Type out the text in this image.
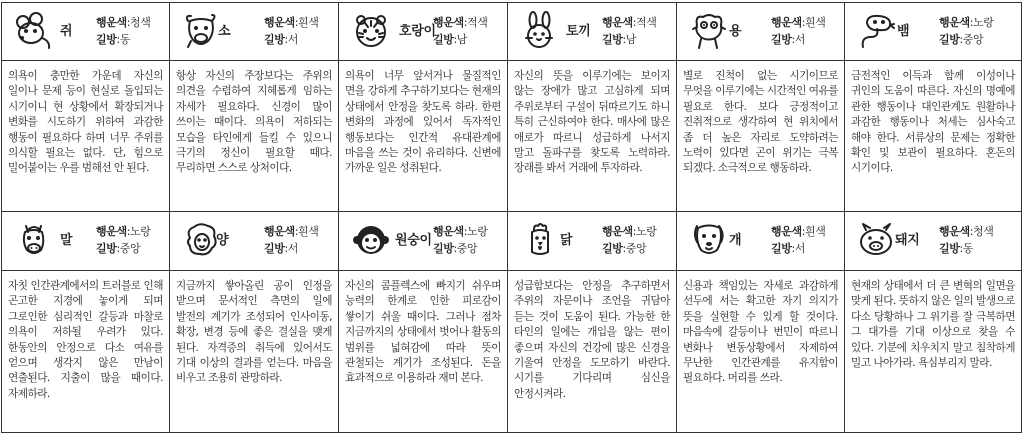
쥐
행운색:청색
길방:동
의욕이 충만한 가운데 자신의 일이나 문제 등이 현실로 돌입되는 시기이니 현 상황에서 확장되거나 변화를 시도하기 위하여 과감한 행동이 필요하다 하며 너무 주위를 의식할 필요는 없다. 단, 힘으로 밀어붙이는 우를 범해선 안 된다.
소
행운색:흰색
길방:서
항상 자신의 주장보다는 주위의 의견을 수렴하여 지혜롭게 임하는 자세가 필요하다. 신경이 많이 쓰이는 때이다. 의욕이 저하되는 모습을 타인에게 들킬 수 있으니 극기의 정신이 필요할 때다. 무리하면 스스로 상처이다.
호랑이
행운색:적색
길방:남
의욕이 너무 앞서거나 물질적인 면을 강하게 추구하기보다는 현재의 상태에서 안정을 찾도록 하라. 한편 변화의 과정에 있어서 독자적인 행동보다는 인간적 유대관계에 마음을 쓰는 것이 유리하다. 신변에 가까운 일은 성취된다.
토끼
행운색:적색
길방:남
자신의 뜻을 이루기에는 보이지 않는 장애가 많고 고심하게 되며 주위로부터 구설이 뒤따르기도 하니 특히 근신하여야 한다. 매사에 많은 애로가 따르니 성급하게 나서지 말고 돌파구를 찾도록 노력하라. 장래를 봐서 거래에 투자하라.
용
행운색:흰색
길방:서
별로 진척이 없는 시기이므로 무엇을 이루기에는 시간적인 여유를 필요로 한다. 보다 긍정적이고 진취적으로 생각하여 현 위치에서 좀 더 높은 자리로 도약하려는 노력이 있다면 곤이 위기는 극복 되겠다. 소극적으로 행동하라.
뱀
행운색:노랑
길방:중앙
금전적인 이득과 함께 이성이나 귀인의 도움이 따른다. 자신의 명예에 관한 행동이나 대인관계도 원활하나 과감한 행동이나 처세는 심사숙고 해야 한다. 서류상의 문제는 정확한 확인 및 보관이 필요하다. 혼돈의 시기이다.
말
행운색:노랑
길방:중앙
자칫 인간관계에서의 트러블로 인해 곤고한 지경에 놓이게 되며 그로인한 심리적인 갈등과 마찰로 의욕이 저하될 우려가 있다. 한동안의 안정으로 다소 여유를 얻으며 생각지 않은 만남이 연출된다. 지출이 많을 때이다. 자제하라.
양
행운색:흰색
길방:서
지금까지 쌓아올린 공이 인정을 받으며 문서적인 측면의 일에 발전의 계기가 조성되어 인사이동, 확장, 변경 등에 좋은 결실을 맺게 된다. 자격증의 취득에 있어서도 기대 이상의 결과를 얻는다. 마음을 비우고 조용히 관망하라.
원숭이
행운색:노랑
길방:중앙
자신의 콤플렉스에 빠지기 쉬우며 능력의 한계로 인한 피로감이 쌓이기 쉬울 때이다. 그러나 점차 지금까지의 상태에서 벗어나 활동의 범위를 넓혀감에 따라 뜻이 관철되는 계기가 조성된다. 돈을 효과적으로 이용하라 재미 본다.
닭
행운색:노랑
길방:중앙
성급함보다는 안정을 추구하면서 주위의 자문이나 조언을 귀담아 듣는 것이 도움이 된다. 가능한 한 타인의 일에는 개입을 않는 편이 좋으며 자신의 건강에 많은 신경을 기울여 안정을 도모하기 바란다. 시기를 기다리며 심신을 안정시켜라.
개
행운색:흰색
길방:서
신용과 책임있는 자세로 과감하게 선두에 서는 확고한 자기 의지가 뜻을 실현할 수 있게 할 것이다. 마음속에 갈등이나 번민이 따르니 변화나 변동상황에서 자제하여 무난한 인간관계를 유지함이 필요하다. 머리를 쓰라.
돼지
행운색:청색
길방:동
현재의 상태에서 더 큰 변혁의 일면을 맞게 된다. 뜻하지 않은 일의 발생으로 다소 당황하나 그 위기를 잘 극복하면 그 대가를 기대 이상으로 찾을 수 있다. 기분에 치우치지 말고 침착하게 밀고 나아가라. 욕심부리지 말라.
